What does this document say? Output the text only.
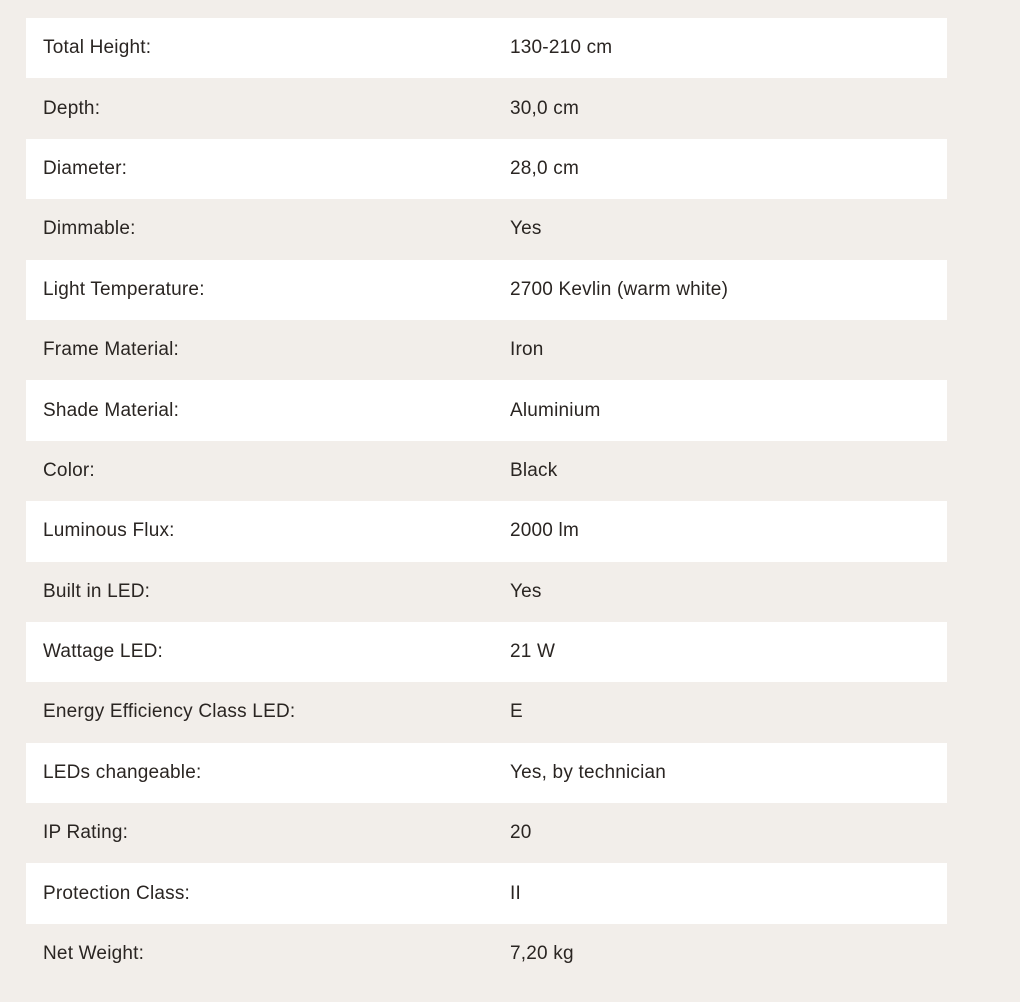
Total Height:	130-210 cm
Depth:	30,0 cm
Diameter:	28,0 cm
Dimmable:	Yes
Light Temperature:	2700 Kevlin (warm white)
Frame Material:	Iron
Shade Material:	Aluminium
Color:	Black
Luminous Flux:	2000 lm
Built in LED:	Yes
Wattage LED:	21 W
Energy Efficiency Class LED:	E
LEDs changeable:	Yes, by technician
IP Rating:	20
Protection Class:	II
Net Weight:	7,20 kg
